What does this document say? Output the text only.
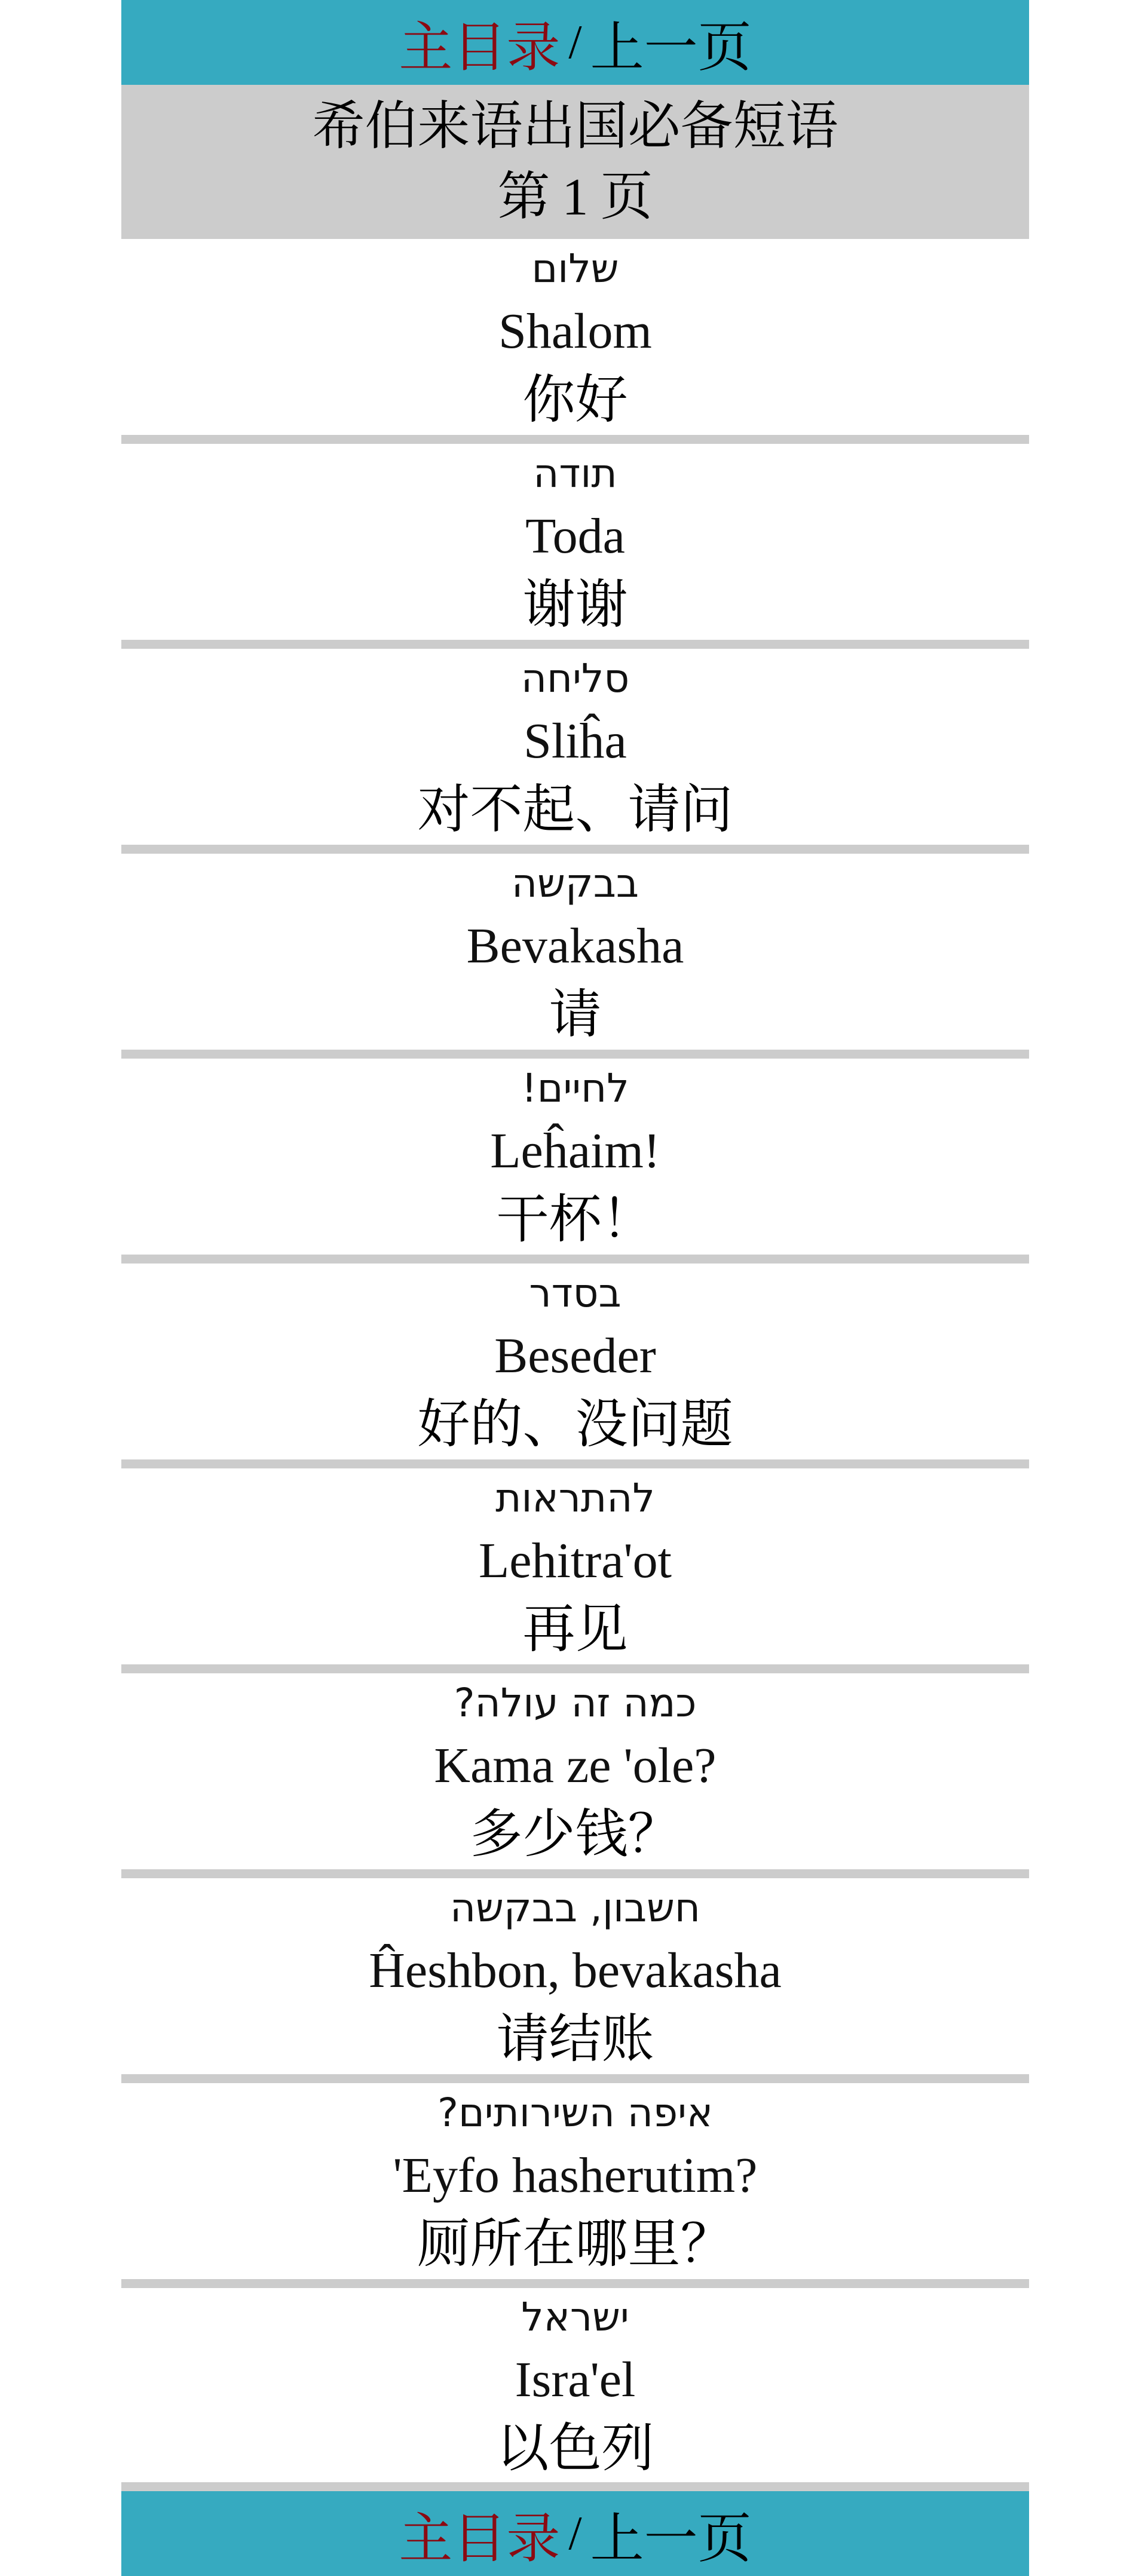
主目录 / 上一页
希伯来语出国必备短语
第 1 页
שלום
Shalom
你好
תודה
Toda
谢谢
סליחה
Sliĥa
对不起、请问
בבקשה
Bevakasha
请
לחיים!
Leĥaim!
干杯！
בסדר
Beseder
好的、没问题
להתראות
Lehitra'ot
再见
כמה זה עולה?
Kama ze 'ole?
多少钱？
חשבון, בבקשה
Ĥeshbon, bevakasha
请结账
איפה השירותים?
'Eyfo hasherutim?
厕所在哪里？
ישראל
Isra'el
以色列
主目录 / 上一页
